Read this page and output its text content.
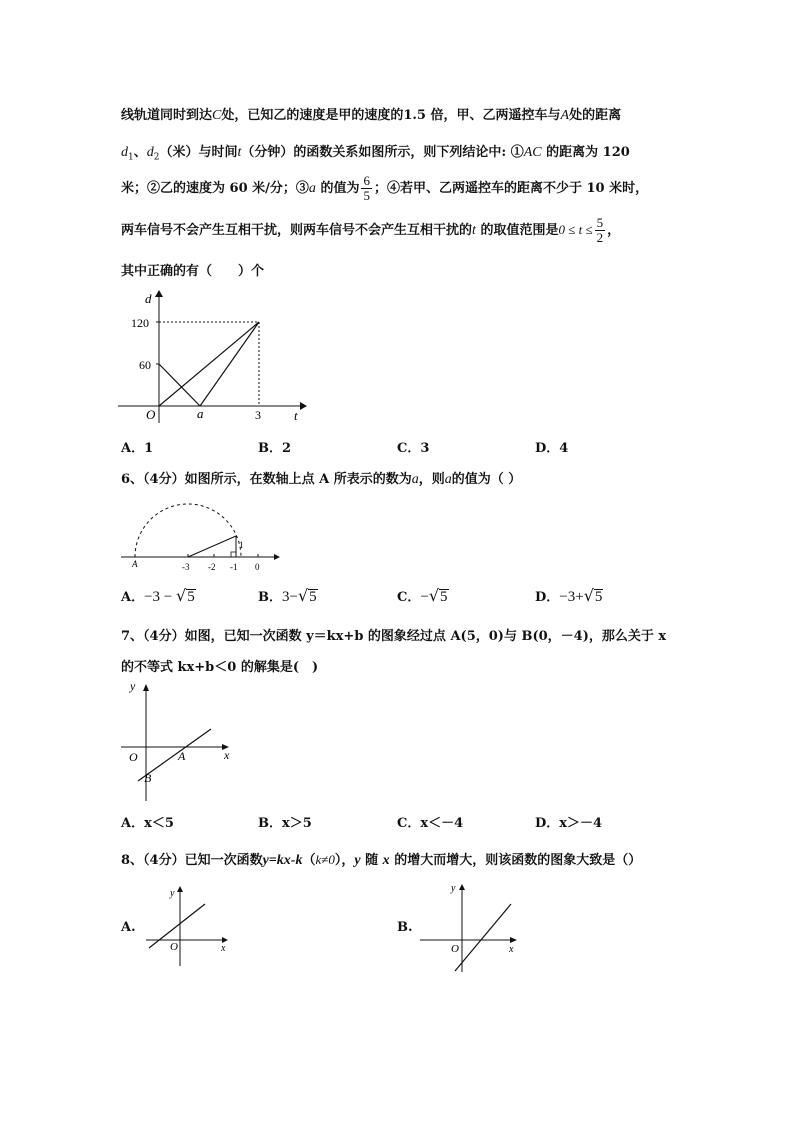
线轨道同时到达C处，已知乙的速度是甲的速度的1.5 倍，甲、乙两遥控车与A处的距离
$d_1$、$d_2$（米）与时间t（分钟）的函数关系如图所示，则下列结论中: ①AC 的距离为 120
米；②乙的速度为 60 米/分；③a 的值为 $\frac{6}{5}$ ；④若甲、乙两遥控车的距离不少于 10 米时，
两车信号不会产生互相干扰，则两车信号不会产生互相干扰的t 的取值范围是$0 \le t \le \frac{5}{2}$ ，
其中正确的有（　　）个
d
120
60
O	a	3	t
A．1	B．2	C．3	D．4
6、（4分）如图所示，在数轴上点 A 所表示的数为a，则a的值为（ ）
A	-3 -2 -1 0
1
A．−3 − √5	B．3−√5	C．−√5	D．−3+√5
7、（4分）如图，已知一次函数 y＝kx+b 的图象经过点 A(5，0)与 B(0，－4)，那么关于 x
的不等式 kx+b＜0 的解集是(　)
y
x
O	A
B
A．x＜5	B．x＞5	C．x＜－4	D．x＞－4
8、（4分）已知一次函数y=kx-k（k≠0），y 随 x 的增大而增大，则该函数的图象大致是（）
A.
y
x
O
B.
y
x
O
